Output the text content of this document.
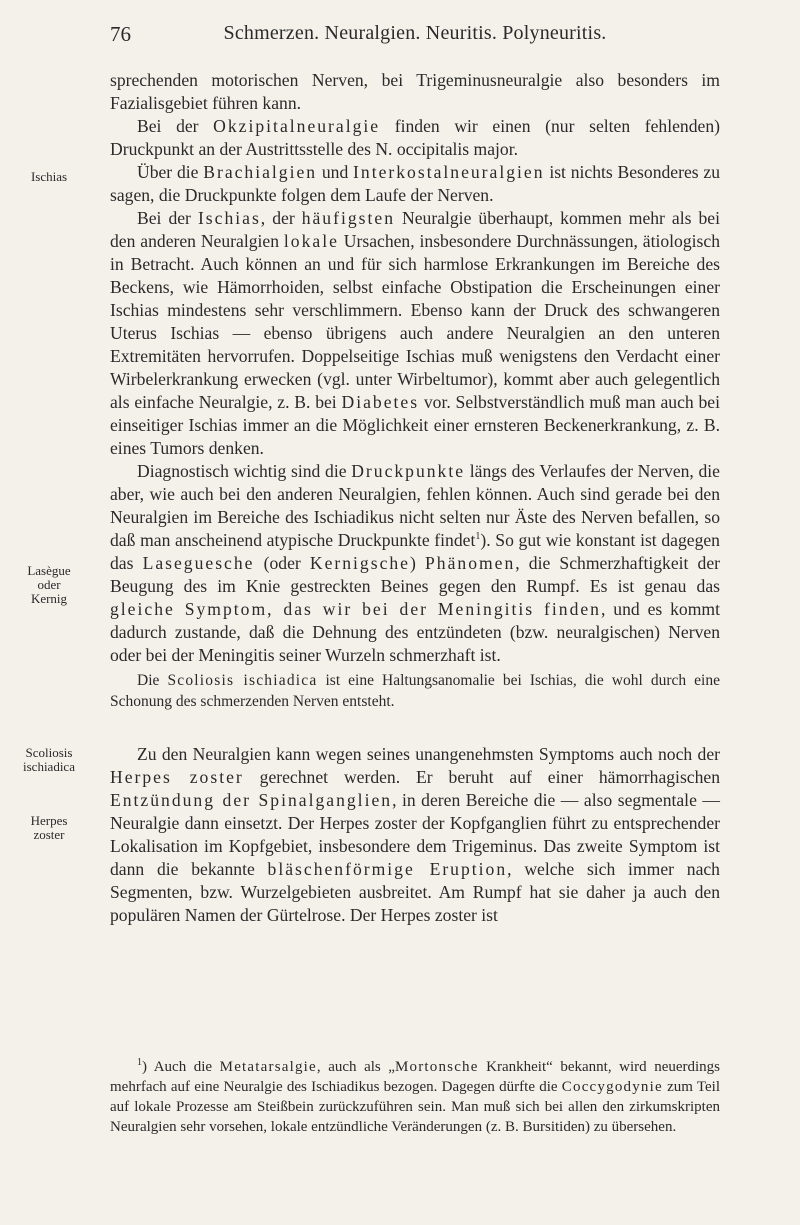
76	Schmerzen. Neuralgien. Neuritis. Polyneuritis.
Ischias
Lasègue
oder
Kernig
Scoliosis
ischiadica
Herpes
zoster

sprechenden motorischen Nerven, bei Trigeminusneuralgie also besonders im Fazialisgebiet führen kann.

Bei der Okzipitalneuralgie finden wir einen (nur selten fehlenden) Druckpunkt an der Austrittsstelle des N. occipitalis major.

Über die Brachialgien und Interkostalneuralgien ist nichts Besonderes zu sagen, die Druckpunkte folgen dem Laufe der Nerven.

Bei der Ischias, der häufigsten Neuralgie überhaupt, kommen mehr als bei den anderen Neuralgien lokale Ursachen, insbesondere Durchnässungen, ätiologisch in Betracht. Auch können an und für sich harmlose Erkrankungen im Bereiche des Beckens, wie Hämorrhoiden, selbst einfache Obstipation die Erscheinungen einer Ischias mindestens sehr verschlimmern. Ebenso kann der Druck des schwangeren Uterus Ischias — ebenso übrigens auch andere Neuralgien an den unteren Extremitäten hervorrufen. Doppelseitige Ischias muß wenigstens den Verdacht einer Wirbelerkrankung erwecken (vgl. unter Wirbeltumor), kommt aber auch gelegentlich als einfache Neuralgie, z. B. bei Diabetes vor. Selbstverständlich muß man auch bei einseitiger Ischias immer an die Möglichkeit einer ernsteren Beckenerkrankung, z. B. eines Tumors denken.

Diagnostisch wichtig sind die Druckpunkte längs des Verlaufes der Nerven, die aber, wie auch bei den anderen Neuralgien, fehlen können. Auch sind gerade bei den Neuralgien im Bereiche des Ischiadikus nicht selten nur Äste des Nerven befallen, so daß man anscheinend atypische Druckpunkte findet$^1$). So gut wie konstant ist dagegen das Laseguesche (oder Kernigsche) Phänomen, die Schmerzhaftigkeit der Beugung des im Knie gestreckten Beines gegen den Rumpf. Es ist genau das gleiche Symptom, das wir bei der Meningitis finden, und es kommt dadurch zustande, daß die Dehnung des entzündeten (bzw. neuralgischen) Nerven oder bei der Meningitis seiner Wurzeln schmerzhaft ist.

Die Scoliosis ischiadica ist eine Haltungsanomalie bei Ischias, die wohl durch eine Schonung des schmerzenden Nerven entsteht.

Zu den Neuralgien kann wegen seines unangenehmsten Symptoms auch noch der Herpes zoster gerechnet werden. Er beruht auf einer hämorrhagischen Entzündung der Spinalganglien, in deren Bereiche die — also segmentale — Neuralgie dann einsetzt. Der Herpes zoster der Kopfganglien führt zu entsprechender Lokalisation im Kopfgebiet, insbesondere dem Trigeminus. Das zweite Symptom ist dann die bekannte bläschenförmige Eruption, welche sich immer nach Segmenten, bzw. Wurzelgebieten ausbreitet. Am Rumpf hat sie daher ja auch den populären Namen der Gürtelrose. Der Herpes zoster ist

$^1$) Auch die Metatarsalgie, auch als „Mortonsche Krankheit“ bekannt, wird neuerdings mehrfach auf eine Neuralgie des Ischiadikus bezogen. Dagegen dürfte die Coccygodynie zum Teil auf lokale Prozesse am Steißbein zurückzuführen sein. Man muß sich bei allen den zirkumskripten Neuralgien sehr vorsehen, lokale entzündliche Veränderungen (z. B. Bursitiden) zu übersehen.
